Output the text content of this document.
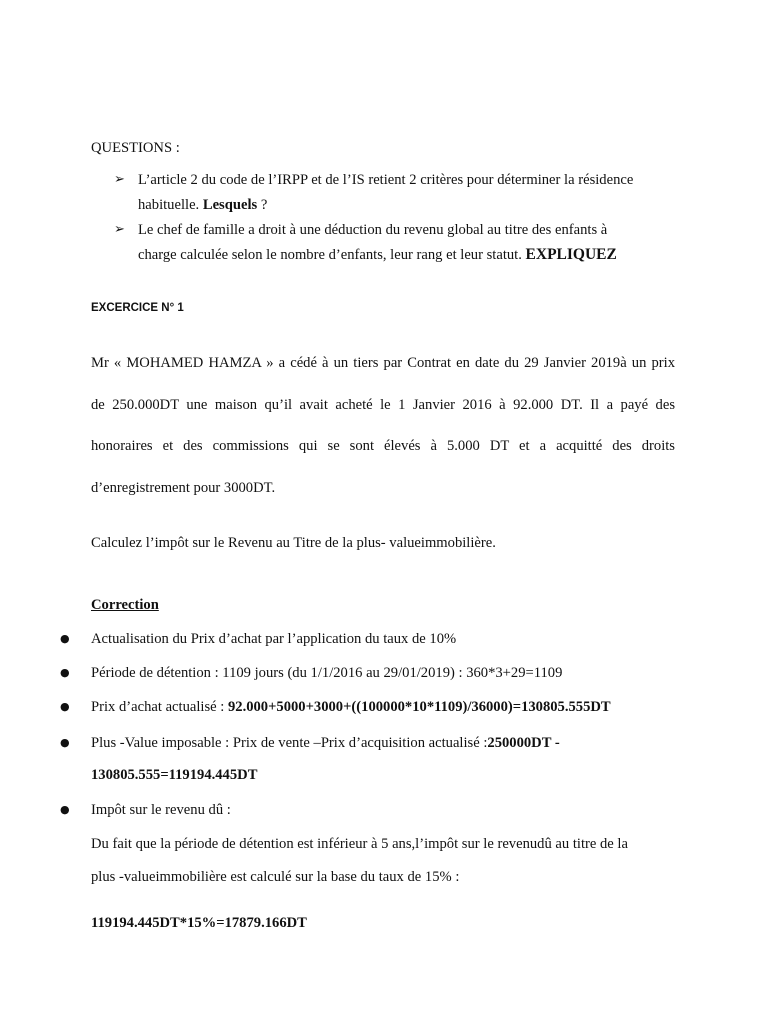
QUESTIONS :
➢ L’article 2 du code de l’IRPP et de l’IS retient 2 critères pour déterminer la résidence
habituelle. Lesquels ?
➢ Le chef de famille a droit à une déduction du revenu global au titre des enfants à
charge calculée selon le nombre d’enfants, leur rang et leur statut. EXPLIQUEZ
EXCERCICE N° 1
Mr « MOHAMED HAMZA » a cédé à un tiers par Contrat en date du 29 Janvier 2019à un prix
de 250.000DT une maison qu’il avait acheté le 1 Janvier 2016 à 92.000 DT. Il a payé des
honoraires et des commissions qui se sont élevés à 5.000 DT et a acquitté des droits
d’enregistrement pour 3000DT.
Calculez l’impôt sur le Revenu au Titre de la plus- valueimmobilière.
Correction
● Actualisation du Prix d’achat par l’application du taux de 10%
● Période de détention : 1109 jours (du 1/1/2016 au 29/01/2019) : 360*3+29=1109
● Prix d’achat actualisé : 92.000+5000+3000+((100000*10*1109)/36000)=130805.555DT
● Plus -Value imposable : Prix de vente –Prix d’acquisition actualisé :250000DT -
130805.555=119194.445DT
● Impôt sur le revenu dû :
Du fait que la période de détention est inférieur à 5 ans,l’impôt sur le revenudû au titre de la
plus -valueimmobilière est calculé sur la base du taux de 15% :
119194.445DT*15%=17879.166DT
